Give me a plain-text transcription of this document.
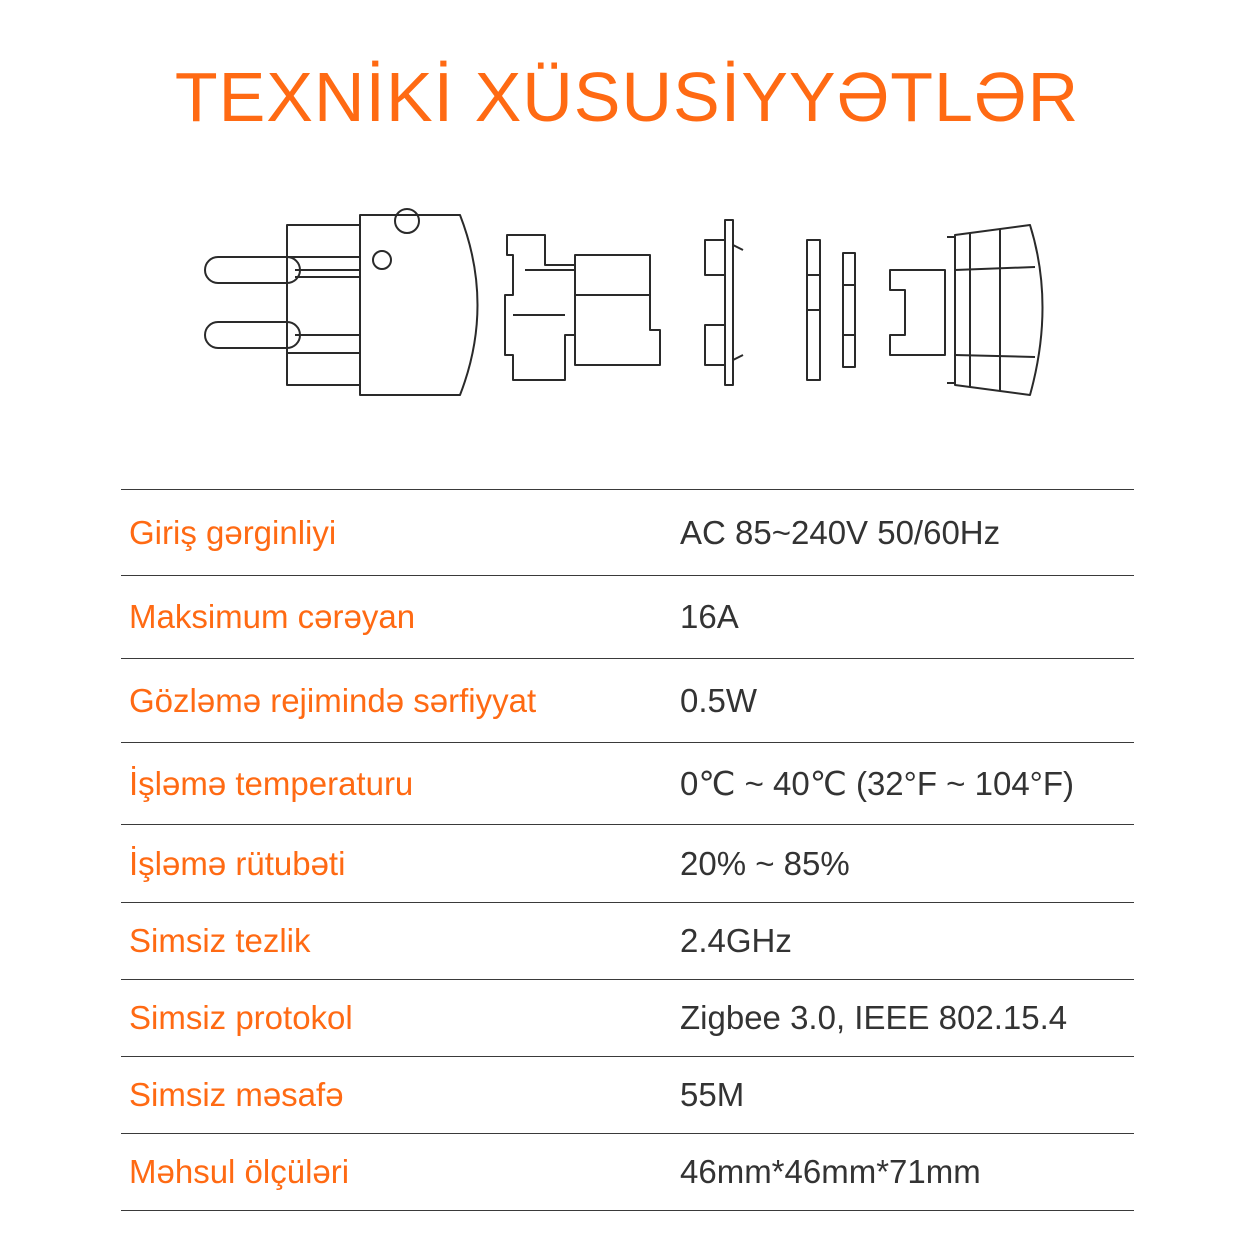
TEXNİKİ XÜSUSİYYƏTLƏR
Giriş gərginliyi	AC 85~240V 50/60Hz
Maksimum cərəyan	16A
Gözləmə rejimində sərfiyyat	0.5W
İşləmə temperaturu	0℃ ~ 40℃ (32°F ~ 104°F)
İşləmə rütubəti	20% ~ 85%
Simsiz tezlik	2.4GHz
Simsiz protokol	Zigbee 3.0, IEEE 802.15.4
Simsiz məsafə	55M
Məhsul ölçüləri	46mm*46mm*71mm
